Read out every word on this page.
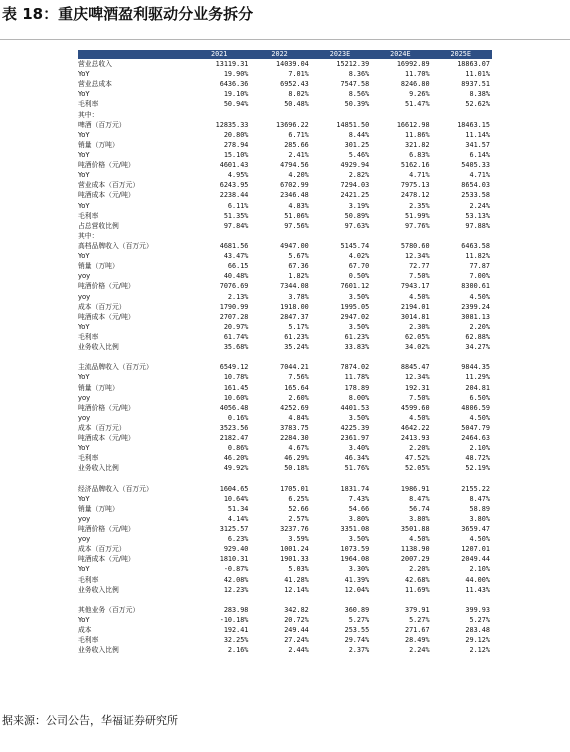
表 18：重庆啤酒盈利驱动分业务拆分
2021	2022	2023E	2024E	2025E
营业总收入	13119.31	14039.04	15212.39	16992.89	18863.07
YoY	19.90%	7.01%	8.36%	11.70%	11.01%
营业总成本	6436.36	6952.43	7547.58	8246.80	8937.51
YoY	19.10%	8.02%	8.56%	9.26%	8.38%
毛利率	50.94%	50.48%	50.39%	51.47%	52.62%
其中：
啤酒（百万元）	12835.33	13696.22	14851.50	16612.98	18463.15
YoY	20.80%	6.71%	8.44%	11.86%	11.14%
销量（万吨）	278.94	285.66	301.25	321.82	341.57
YoY	15.10%	2.41%	5.46%	6.83%	6.14%
吨酒价格（元/吨）	4601.43	4794.56	4929.94	5162.16	5405.33
YoY	4.95%	4.20%	2.82%	4.71%	4.71%
营业成本（百万元）	6243.95	6702.99	7294.03	7975.13	8654.03
吨酒成本（元/吨）	2238.44	2346.48	2421.25	2478.12	2533.58
YoY	6.11%	4.83%	3.19%	2.35%	2.24%
毛利率	51.35%	51.06%	50.89%	51.99%	53.13%
占总营收比例	97.84%	97.56%	97.63%	97.76%	97.88%
其中：
高档品牌收入（百万元）	4681.56	4947.00	5145.74	5780.60	6463.58
YoY	43.47%	5.67%	4.02%	12.34%	11.82%
销量（万吨）	66.15	67.36	67.70	72.77	77.87
yoy	40.48%	1.82%	0.50%	7.50%	7.00%
吨酒价格（元/吨）	7076.69	7344.08	7601.12	7943.17	8300.61
yoy	2.13%	3.78%	3.50%	4.50%	4.50%
成本（百万元）	1790.99	1918.00	1995.05	2194.01	2399.24
吨酒成本（元/吨）	2707.28	2847.37	2947.02	3014.81	3081.13
YoY	20.97%	5.17%	3.50%	2.30%	2.20%
毛利率	61.74%	61.23%	61.23%	62.05%	62.88%
业务收入比例	35.68%	35.24%	33.83%	34.02%	34.27%
主流品牌收入（百万元）	6549.12	7044.21	7874.02	8845.47	9844.35
YoY	10.78%	7.56%	11.78%	12.34%	11.29%
销量（万吨）	161.45	165.64	178.89	192.31	204.81
yoy	10.60%	2.60%	8.00%	7.50%	6.50%
吨酒价格（元/吨）	4056.48	4252.69	4401.53	4599.60	4806.59
yoy	0.16%	4.84%	3.50%	4.50%	4.50%
成本（百万元）	3523.56	3783.75	4225.39	4642.22	5047.79
吨酒成本（元/吨）	2182.47	2284.30	2361.97	2413.93	2464.63
YoY	0.86%	4.67%	3.40%	2.20%	2.10%
毛利率	46.20%	46.29%	46.34%	47.52%	48.72%
业务收入比例	49.92%	50.18%	51.76%	52.05%	52.19%
经济品牌收入（百万元）	1604.65	1705.01	1831.74	1986.91	2155.22
YoY	10.64%	6.25%	7.43%	8.47%	8.47%
销量（万吨）	51.34	52.66	54.66	56.74	58.89
yoy	4.14%	2.57%	3.80%	3.80%	3.80%
吨酒价格（元/吨）	3125.57	3237.76	3351.08	3501.88	3659.47
yoy	6.23%	3.59%	3.50%	4.50%	4.50%
成本（百万元）	929.40	1001.24	1073.59	1138.90	1207.01
吨酒成本（元/吨）	1810.31	1901.33	1964.08	2007.29	2049.44
YoY	-0.87%	5.03%	3.30%	2.20%	2.10%
毛利率	42.08%	41.28%	41.39%	42.68%	44.00%
业务收入比例	12.23%	12.14%	12.04%	11.69%	11.43%
其他业务（百万元）	283.98	342.82	360.89	379.91	399.93
YoY	-10.18%	20.72%	5.27%	5.27%	5.27%
成本	192.41	249.44	253.55	271.67	283.48
毛利率	32.25%	27.24%	29.74%	28.49%	29.12%
业务收入比例	2.16%	2.44%	2.37%	2.24%	2.12%
据来源：公司公告，华福证券研究所
